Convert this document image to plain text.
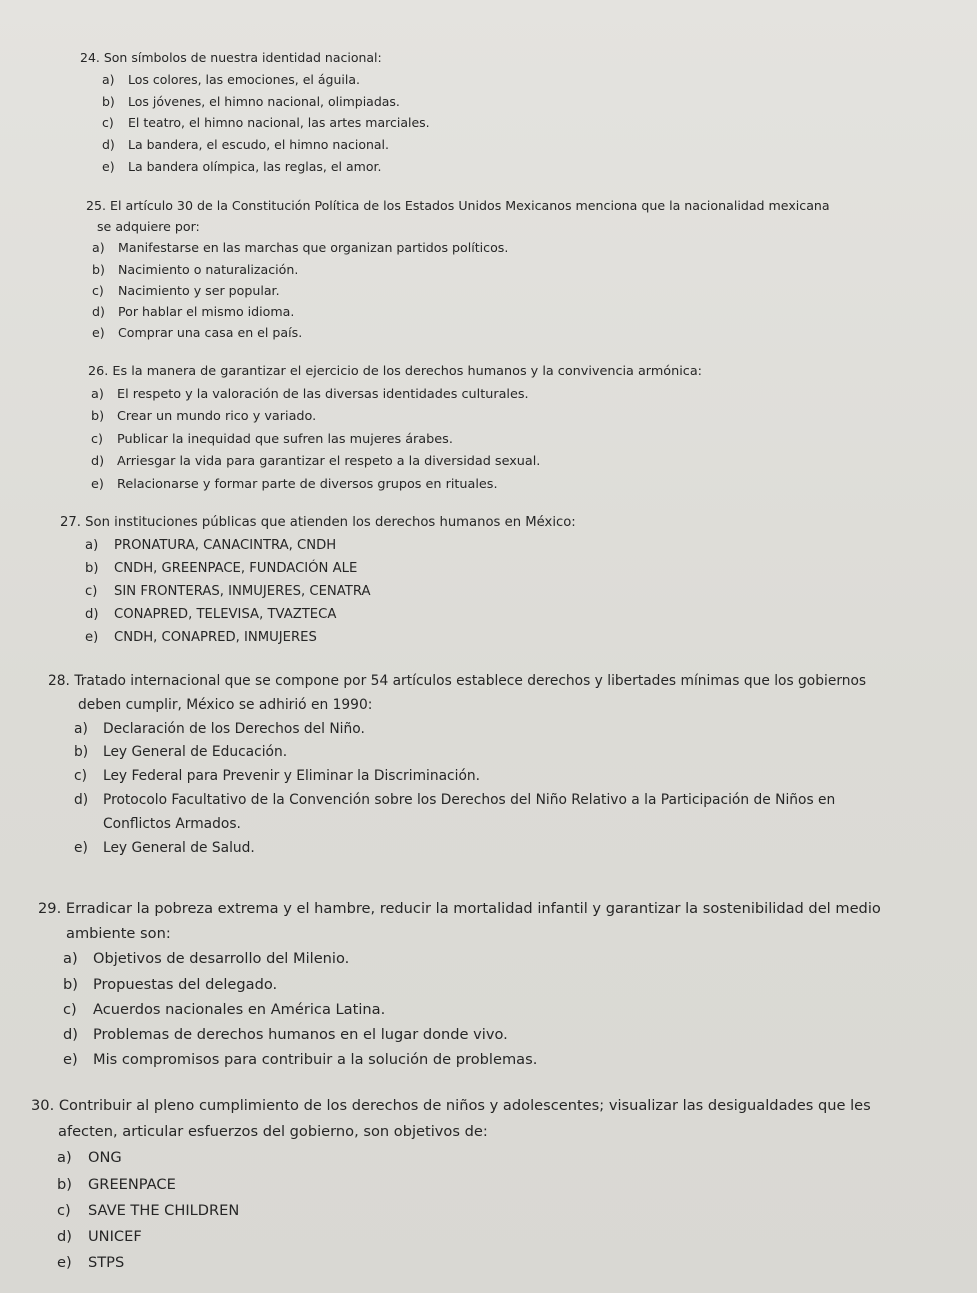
24. Son símbolos de nuestra identidad nacional:

a)	Los colores, las emociones, el águila.
b)	Los jóvenes, el himno nacional, olimpiadas.
c)	El teatro, el himno nacional, las artes marciales.
d)	La bandera, el escudo, el himno nacional.
e)	La bandera olímpica, las reglas, el amor.

25. El artículo 30 de la Constitución Política de los Estados Unidos Mexicanos menciona que la nacionalidad mexicana

se adquiere por:

a)	Manifestarse en las marchas que organizan partidos políticos.
b)	Nacimiento o naturalización.
c)	Nacimiento y ser popular.
d)	Por hablar el mismo idioma.
e)	Comprar una casa en el país.

26. Es la manera de garantizar el ejercicio de los derechos humanos y la convivencia armónica:

a)	El respeto y la valoración de las diversas identidades culturales.
b)	Crear un mundo rico y variado.
c)	Publicar la inequidad que sufren las mujeres árabes.
d)	Arriesgar la vida para garantizar el respeto a la diversidad sexual.
e)	Relacionarse y formar parte de diversos grupos en rituales.

27. Son instituciones públicas que atienden los derechos humanos en México:

a)	PRONATURA, CANACINTRA, CNDH
b)	CNDH, GREENPACE, FUNDACIÓN ALE
c)	SIN FRONTERAS, INMUJERES, CENATRA
d)	CONAPRED, TELEVISA, TVAZTECA
e)	CNDH, CONAPRED, INMUJERES

28. Tratado internacional que se compone por 54 artículos establece derechos y libertades mínimas que los gobiernos

deben cumplir, México se adhirió en 1990:

a)	Declaración de los Derechos del Niño.
b)	Ley General de Educación.
c)	Ley Federal para Prevenir y Eliminar la Discriminación.
d)	Protocolo Facultativo de la Convención sobre los Derechos del Niño Relativo a la Participación de Niños en Conflictos Armados.
e)	Ley General de Salud.

29. Erradicar la pobreza extrema y el hambre, reducir la mortalidad infantil y garantizar la sostenibilidad del medio

ambiente son:

a)	Objetivos de desarrollo del Milenio.
b)	Propuestas del delegado.
c)	Acuerdos nacionales en América Latina.
d)	Problemas de derechos humanos en el lugar donde vivo.
e)	Mis compromisos para contribuir a la solución de problemas.

30. Contribuir al pleno cumplimiento de los derechos de niños y adolescentes; visualizar las desigualdades que les

afecten, articular esfuerzos del gobierno, son objetivos de:

a)	ONG
b)	GREENPACE
c)	SAVE THE CHILDREN
d)	UNICEF
e)	STPS
